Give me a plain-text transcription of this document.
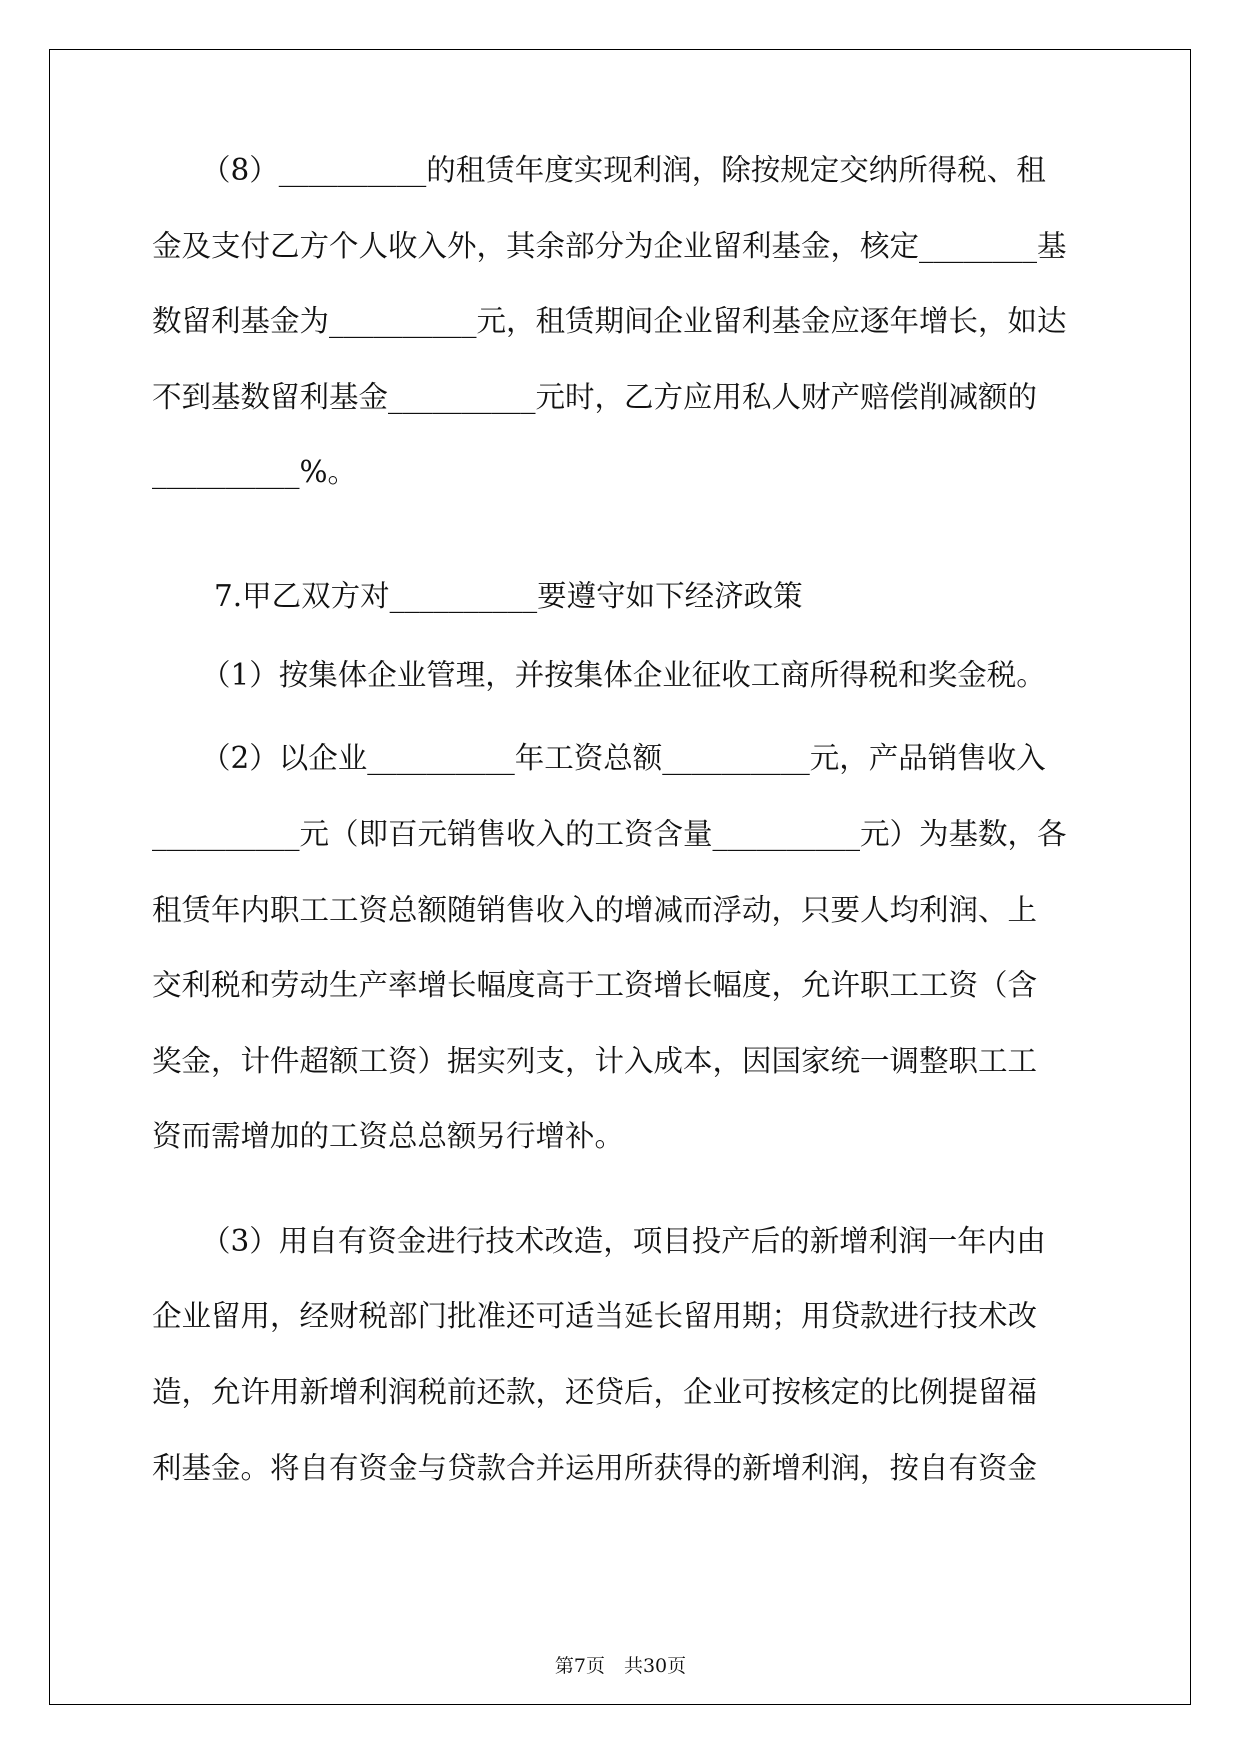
（8）__________的租赁年度实现利润，除按规定交纳所得税、租

金及支付乙方个人收入外，其余部分为企业留利基金，核定________基

数留利基金为__________元，租赁期间企业留利基金应逐年增长，如达

不到基数留利基金__________元时，乙方应用私人财产赔偿削减额的

__________%。

7.甲乙双方对__________要遵守如下经济政策

（1）按集体企业管理，并按集体企业征收工商所得税和奖金税。

（2）以企业__________年工资总额__________元，产品销售收入

__________元（即百元销售收入的工资含量__________元）为基数，各

租赁年内职工工资总额随销售收入的增减而浮动，只要人均利润、上

交利税和劳动生产率增长幅度高于工资增长幅度，允许职工工资（含

奖金，计件超额工资）据实列支，计入成本，因国家统一调整职工工

资而需增加的工资总总额另行增补。

（3）用自有资金进行技术改造，项目投产后的新增利润一年内由

企业留用，经财税部门批准还可适当延长留用期；用贷款进行技术改

造，允许用新增利润税前还款，还贷后，企业可按核定的比例提留福

利基金。将自有资金与贷款合并运用所获得的新增利润，按自有资金

第7页　共30页
